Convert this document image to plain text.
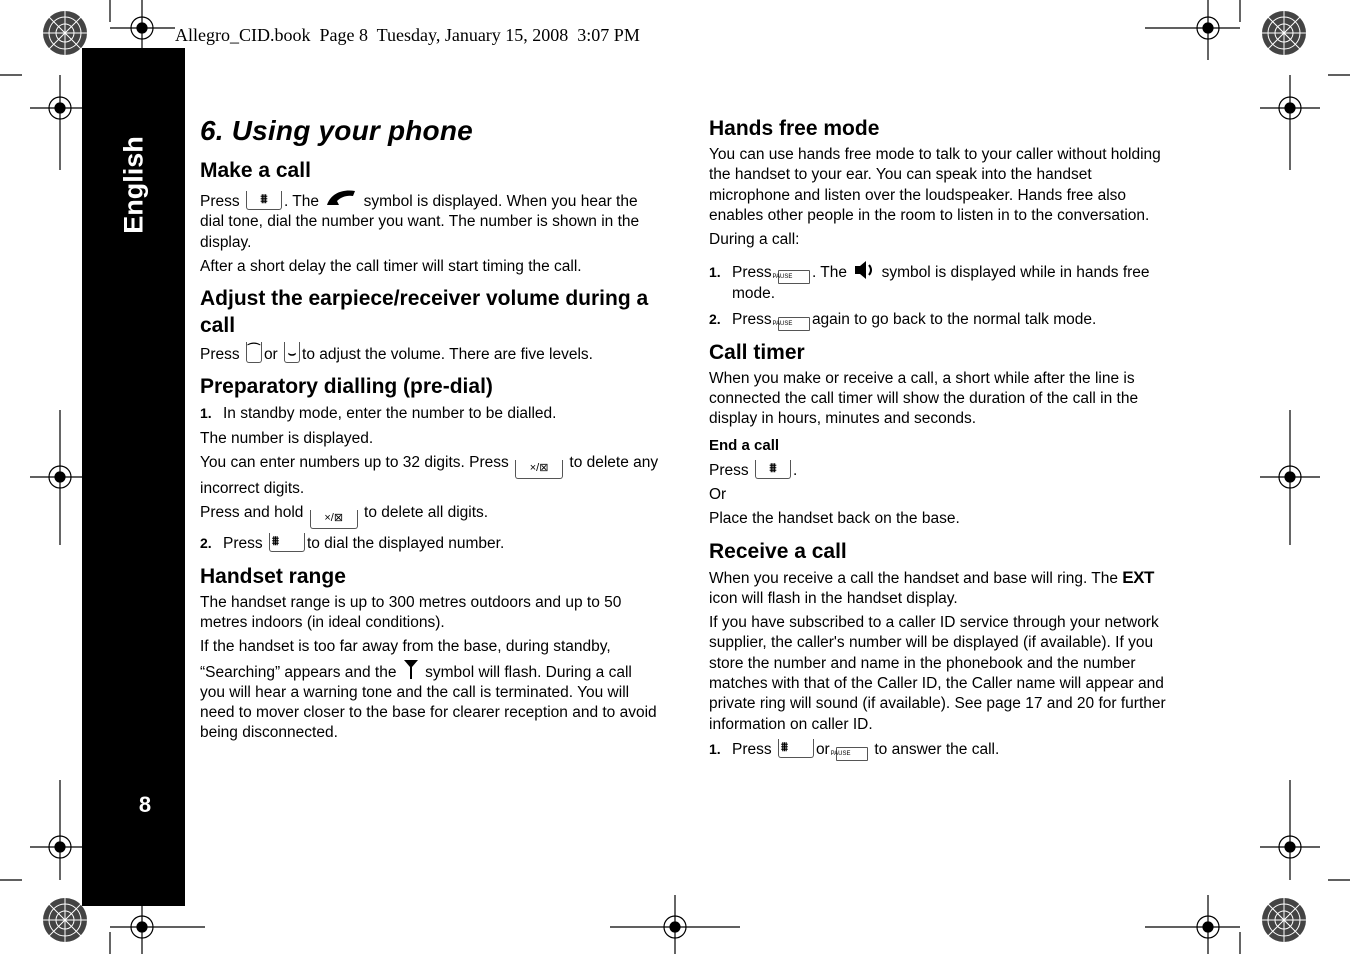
Allegro_CID.book  Page 8  Tuesday, January 15, 2008  3:07 PM
English
8
6. Using your phone
Make a call

Press	⩩	. The	symbol is displayed. When you hear the dial tone, dial the number you want. The number is shown in the display.

After a short delay the call timer will start timing the call.

Adjust the earpiece/receiver volume during a call

Press ⌒ or ⌣ to adjust the volume. There are five levels.

Preparatory dialling (pre-dial)

1. In standby mode, enter the number to be dialled.

The number is displayed.

You can enter numbers up to 32 digits. Press ×/⊠ to delete any incorrect digits.

Press and hold ×/⊠ to delete all digits.

2. Press ⩩	to dial the displayed number.

Handset range

The handset range is up to 300 metres outdoors and up to 50 metres indoors (in ideal conditions).

If the handset is too far away from the base, during standby, “Searching” appears and the symbol will flash. During a call you will hear a warning tone and the call is terminated. You will need to mover closer to the base for clearer reception and to avoid being disconnected.

Hands free mode

You can use hands free mode to talk to your caller without holding the handset to your ear. You can speak into the handset microphone and listen over the loudspeaker. Hands free also enables other people in the room to listen in to the conversation.

During a call:

1. Press PAUSE . The symbol is displayed while in hands free mode.

2. Press PAUSE again to go back to the normal talk mode.

Call timer

When you make or receive a call, a short while after the line is connected the call timer will show the duration of the call in the display in hours, minutes and seconds.

End a call

Press	⩩	.

Or

Place the handset back on the base.

Receive a call

When you receive a call the handset and base will ring. The EXT icon will flash in the handset display.

If you have subscribed to a caller ID service through your network supplier, the caller's number will be displayed (if available). If you store the number and name in the phonebook and the number matches with that of the Caller ID, the Caller name will appear and private ring will sound (if available). See page 17 and 20 for further information on caller ID.

1. Press ⩩	or PAUSE to answer the call.
